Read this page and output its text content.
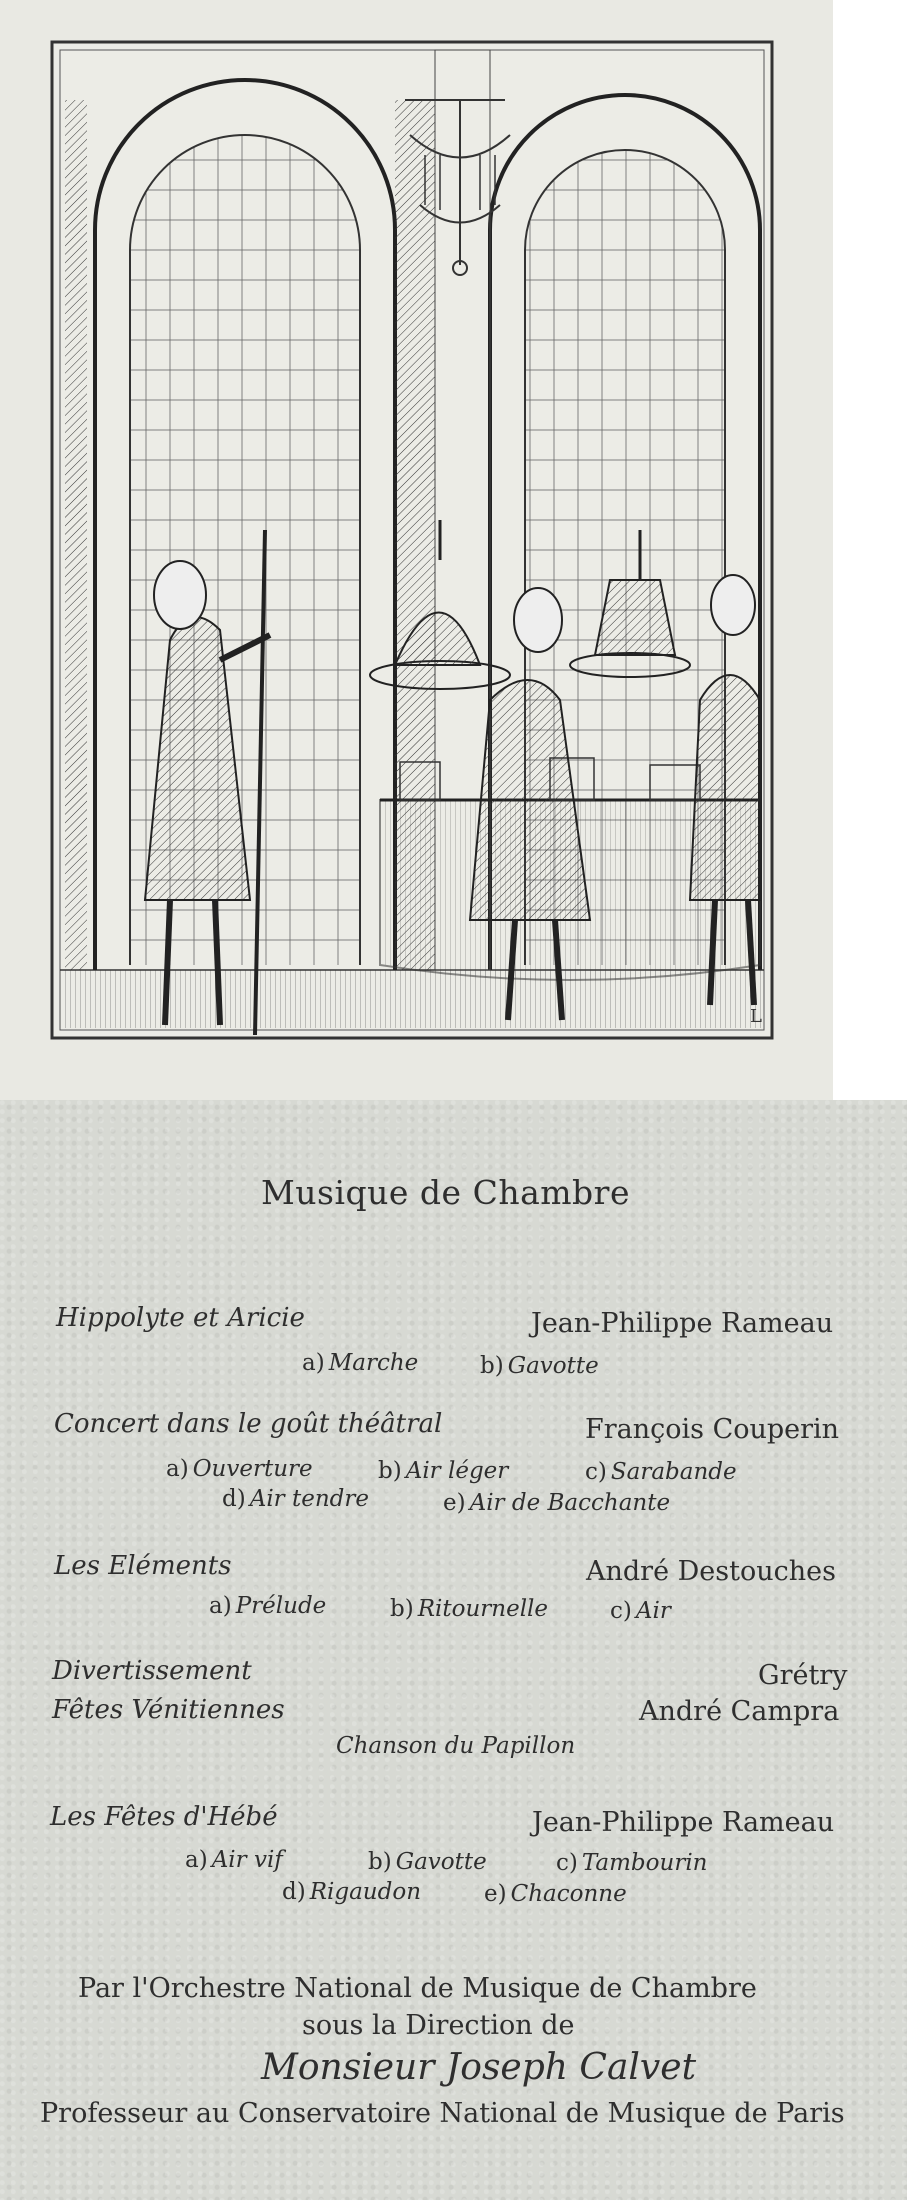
L
Musique de Chambre
Hippolyte et Aricie	Jean-Philippe Rameau
a) Marche	b) Gavotte
Concert dans le goût théâtral	François Couperin
a) Ouverture	b) Air léger	c) Sarabande
d) Air tendre	e) Air de Bacchante
Les Eléments	André Destouches
a) Prélude	b) Ritournelle	c) Air
Divertissement	Grétry
Fêtes Vénitiennes	André Campra
Chanson du Papillon
Les Fêtes d'Hébé	Jean-Philippe Rameau
a) Air vif	b) Gavotte	c) Tambourin
d) Rigaudon	e) Chaconne
Par l'Orchestre National de Musique de Chambre
sous la Direction de
Monsieur Joseph Calvet
Professeur au Conservatoire National de Musique de Paris
